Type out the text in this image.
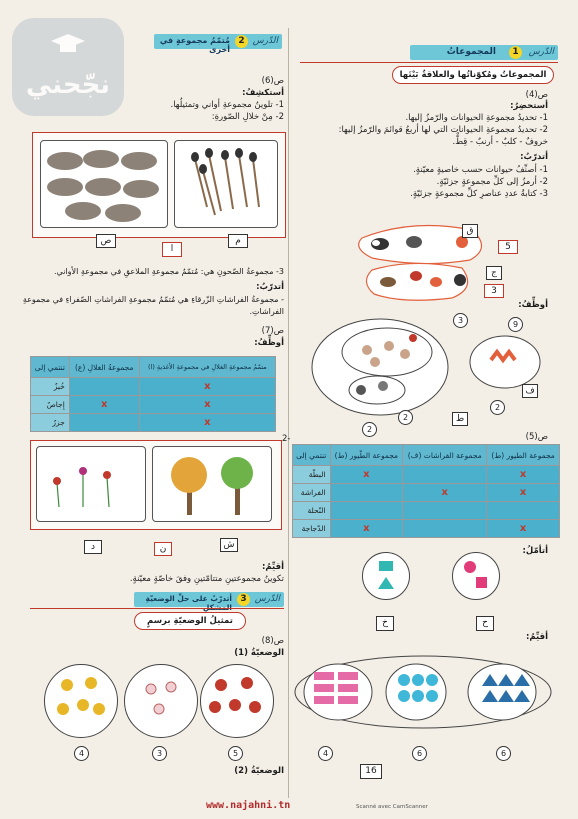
نجّحني
الدّرس
1
المجموعاتُ
المجموعاتُ ومُكوّناتُها والعلاقةُ بَيْنَها
ص(4)
أستحضِرُ:
1- تحديدُ مجموعةِ الحيوانات والرّمزُ إليها.
2- تحديدُ مجموعةِ الحيوانات التي لها أربعُ قوائمَ والرّمزُ إليها:
خروفٌ - كلبٌ - أرنبٌ - قِطٌّ.
أتدرّبُ:
1- أصنِّفُ حيوانات حسب خاصيةٍ معيّنةٍ.
2- أرمزُ إلى كلِّ مجموعةٍ جزئيّةٍ.
3- كتابةُ عددِ عناصرِ كلِّ مجموعةٍ جزئيّةٍ.
ق
5
ج
3
أوظِّفُ:
3	9
2
2
2
ف
ط
ص(5)
مجموعة الطيور (ط)	مجموعة الفراشات (ف)	مجموعة الطّيور (ط)	تنتمي إلى
x		x	البطّة
x	x		الفراشة
			النّحلة
x		x	الدّجاجة
أتأمّلُ:
خ	ح
أقيِّمُ:
4	6	6
16
الدّرس
2
مُتمّمُ مجموعةٍ في أخرى
ص(6)
أستكشِفُ:
1- تلوينُ مجموعةِ أواني وتمثيلُها.
2- مِنْ خلالِ الصّورةِ:
ص
ا
م
3- مجموعةُ الصّحونِ هي: مُتمّمُ مجموعةِ الملاعقِ في مجموعةِ الأواني.
أتدرّبُ:
- مجموعةُ الفراشاتِ الزّرقاءِ هي مُتمّمُ مجموعةِ الفراشاتِ الصّفراءِ في مجموعةِ
الفراشاتِ.
ص(7)
أوظِّفُ:
متمّمُ مجموعةِ الغلالِ في مجموعةِ الأغذيةِ (ا)	مجموعةُ الغلالِ (ع)	تنتمي إلى
x		خُبزٌ
x	x	إِجاصٌ
x		جزرٌ
2-
د	ن	ش
أقيِّمُ:
تكوينُ مجموعتينِ متتامّتينِ وفقَ خاصّةٍ معيّنةٍ.
الدّرس
3
أتدرّبُ على حلِّ الوضعيّةِ
تمثيلُ الوضعيّةِ برسمٍ
ص(8)
الوضعيّةُ (1)
4	3	5
الوضعيّةُ (2)
www.najahni.tn	Scanné avec CamScanner
